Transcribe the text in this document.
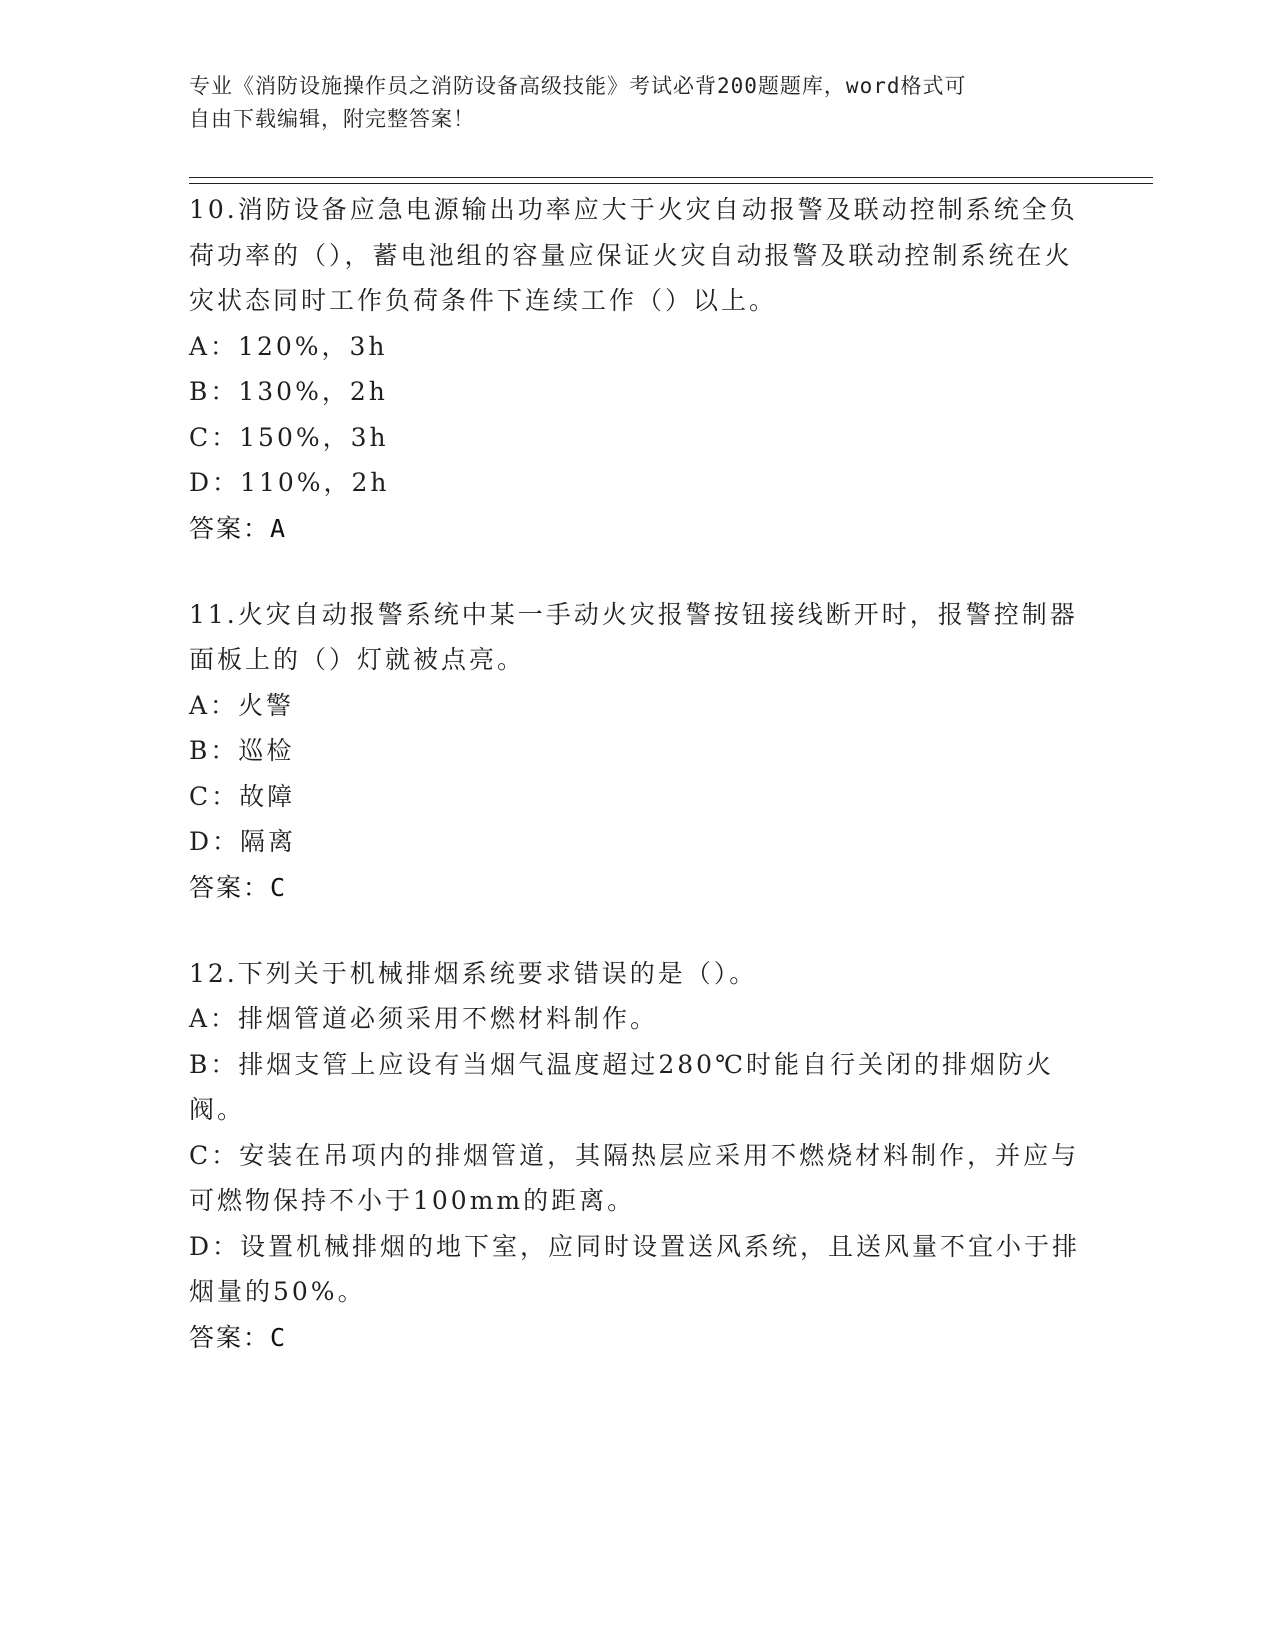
专业《消防设施操作员之消防设备高级技能》考试必背200题题库，word格式可
自由下载编辑，附完整答案！
10.消防设备应急电源输出功率应大于火灾自动报警及联动控制系统全负荷功率的（），蓄电池组的容量应保证火灾自动报警及联动控制系统在火灾状态同时工作负荷条件下连续工作（）以上。
A：120%，3h
B：130%，2h
C：150%，3h
D：110%，2h
答案：A
11.火灾自动报警系统中某一手动火灾报警按钮接线断开时，报警控制器面板上的（）灯就被点亮。
A：火警
B：巡检
C：故障
D：隔离
答案：C
12.下列关于机械排烟系统要求错误的是（）。
A：排烟管道必须采用不燃材料制作。
B：排烟支管上应设有当烟气温度超过280℃时能自行关闭的排烟防火阀。
C：安装在吊项内的排烟管道，其隔热层应采用不燃烧材料制作，并应与可燃物保持不小于100mm的距离。
D：设置机械排烟的地下室，应同时设置送风系统，且送风量不宜小于排烟量的50%。
答案：C
